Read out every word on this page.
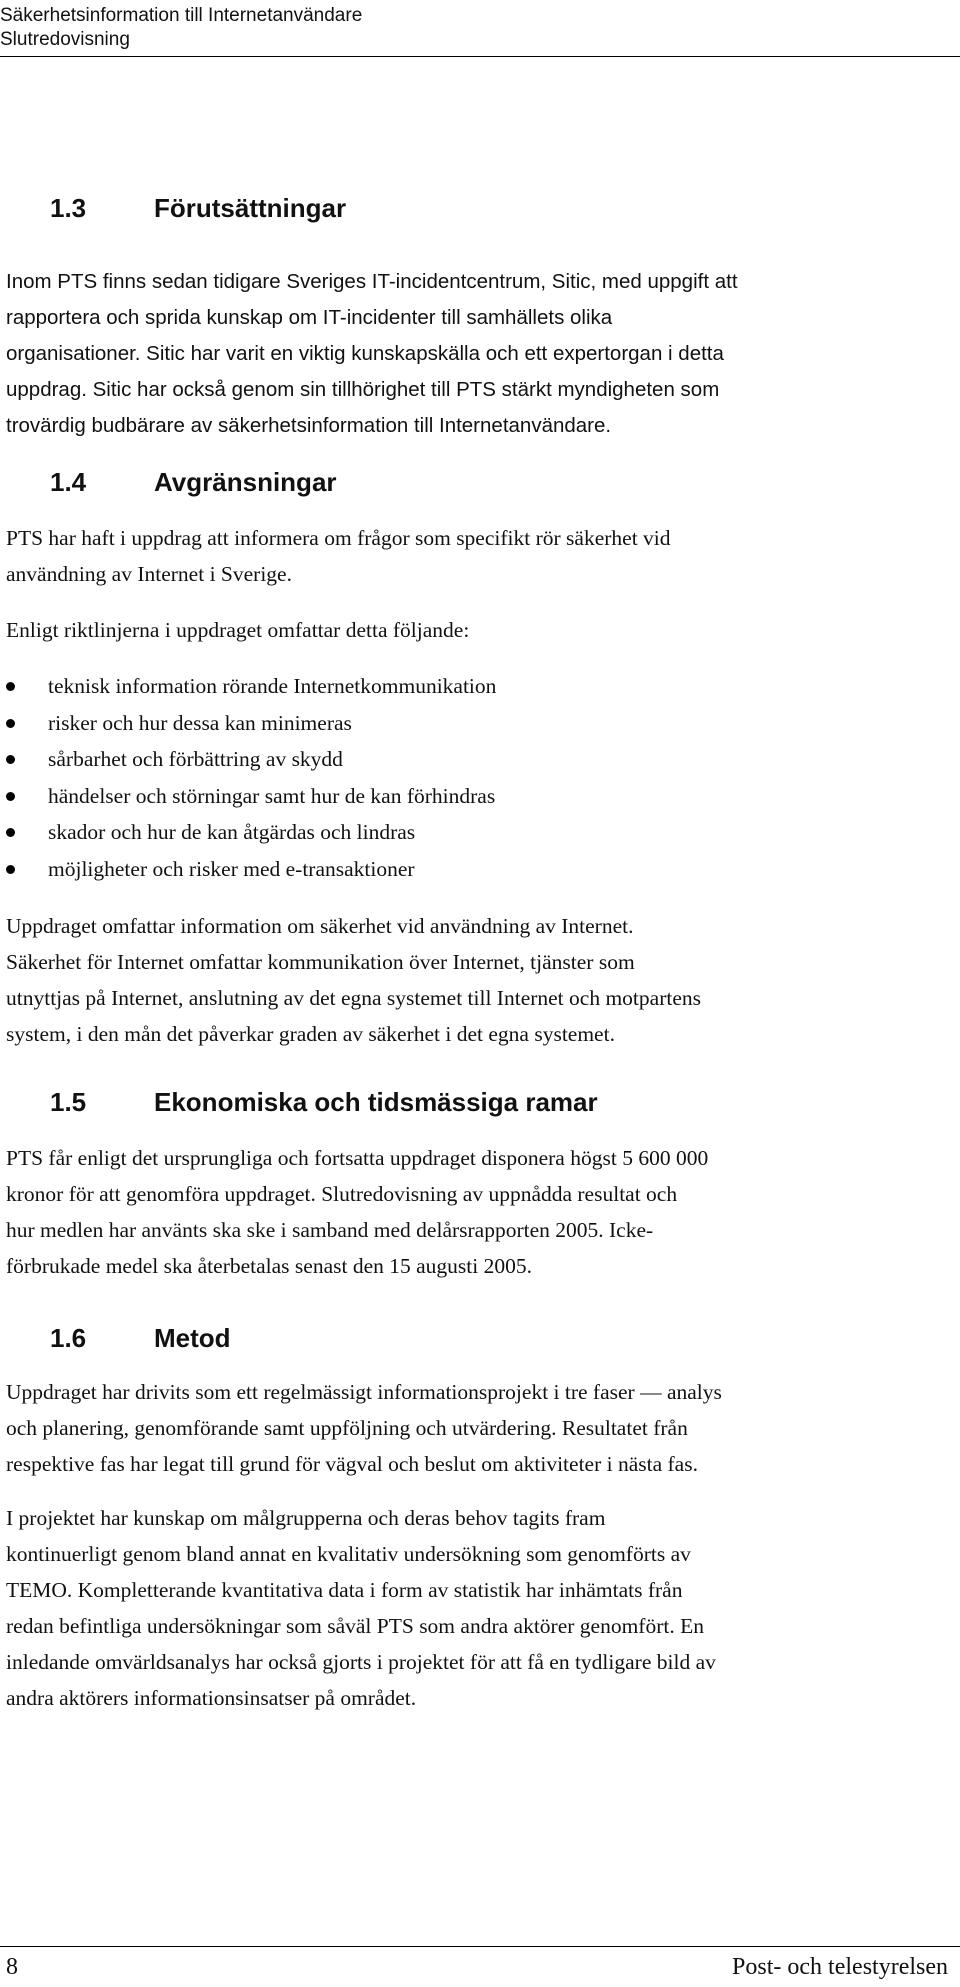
Säkerhetsinformation till Internetanvändare
Slutredovisning
1.3	Förutsättningar
Inom PTS finns sedan tidigare Sveriges IT-incidentcentrum, Sitic, med uppgift att
rapportera och sprida kunskap om IT-incidenter till samhällets olika
organisationer. Sitic har varit en viktig kunskapskälla och ett expertorgan i detta
uppdrag. Sitic har också genom sin tillhörighet till PTS stärkt myndigheten som
trovärdig budbärare av säkerhetsinformation till Internetanvändare.
1.4	Avgränsningar
PTS har haft i uppdrag att informera om frågor som specifikt rör säkerhet vid
användning av Internet i Sverige.
Enligt riktlinjerna i uppdraget omfattar detta följande:
teknisk information rörande Internetkommunikation
risker och hur dessa kan minimeras
sårbarhet och förbättring av skydd
händelser och störningar samt hur de kan förhindras
skador och hur de kan åtgärdas och lindras
möjligheter och risker med e-transaktioner
Uppdraget omfattar information om säkerhet vid användning av Internet.
Säkerhet för Internet omfattar kommunikation över Internet, tjänster som
utnyttjas på Internet, anslutning av det egna systemet till Internet och motpartens
system, i den mån det påverkar graden av säkerhet i det egna systemet.
1.5	Ekonomiska och tidsmässiga ramar
PTS får enligt det ursprungliga och fortsatta uppdraget disponera högst 5 600 000
kronor för att genomföra uppdraget. Slutredovisning av uppnådda resultat och
hur medlen har använts ska ske i samband med delårsrapporten 2005. Icke-
förbrukade medel ska återbetalas senast den 15 augusti 2005.
1.6	Metod
Uppdraget har drivits som ett regelmässigt informationsprojekt i tre faser — analys
och planering, genomförande samt uppföljning och utvärdering. Resultatet från
respektive fas har legat till grund för vägval och beslut om aktiviteter i nästa fas.
I projektet har kunskap om målgrupperna och deras behov tagits fram
kontinuerligt genom bland annat en kvalitativ undersökning som genomförts av
TEMO. Kompletterande kvantitativa data i form av statistik har inhämtats från
redan befintliga undersökningar som såväl PTS som andra aktörer genomfört. En
inledande omvärldsanalys har också gjorts i projektet för att få en tydligare bild av
andra aktörers informationsinsatser på området.
8	Post- och telestyrelsen
